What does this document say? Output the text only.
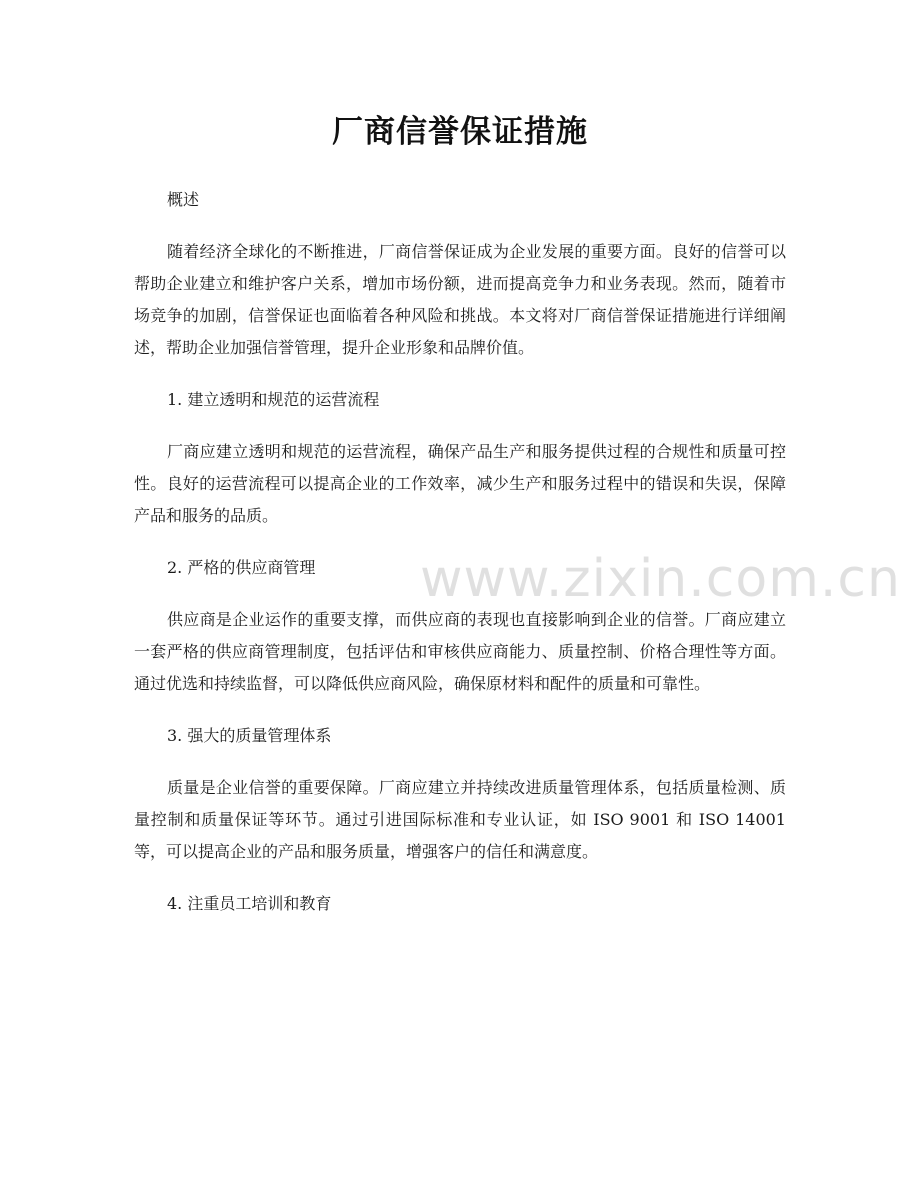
厂商信誉保证措施
概述

随着经济全球化的不断推进，厂商信誉保证成为企业发展的重要方面。良好的信誉可以帮助企业建立和维护客户关系，增加市场份额，进而提高竞争力和业务表现。然而，随着市场竞争的加剧，信誉保证也面临着各种风险和挑战。本文将对厂商信誉保证措施进行详细阐述，帮助企业加强信誉管理，提升企业形象和品牌价值。

1. 建立透明和规范的运营流程

厂商应建立透明和规范的运营流程，确保产品生产和服务提供过程的合规性和质量可控性。良好的运营流程可以提高企业的工作效率，减少生产和服务过程中的错误和失误，保障产品和服务的品质。

2. 严格的供应商管理

供应商是企业运作的重要支撑，而供应商的表现也直接影响到企业的信誉。厂商应建立一套严格的供应商管理制度，包括评估和审核供应商能力、质量控制、价格合理性等方面。通过优选和持续监督，可以降低供应商风险，确保原材料和配件的质量和可靠性。

3. 强大的质量管理体系

质量是企业信誉的重要保障。厂商应建立并持续改进质量管理体系，包括质量检测、质量控制和质量保证等环节。通过引进国际标准和专业认证，如 ISO 9001 和 ISO 14001 等，可以提高企业的产品和服务质量，增强客户的信任和满意度。

4. 注重员工培训和教育
www.zixin.com.cn
